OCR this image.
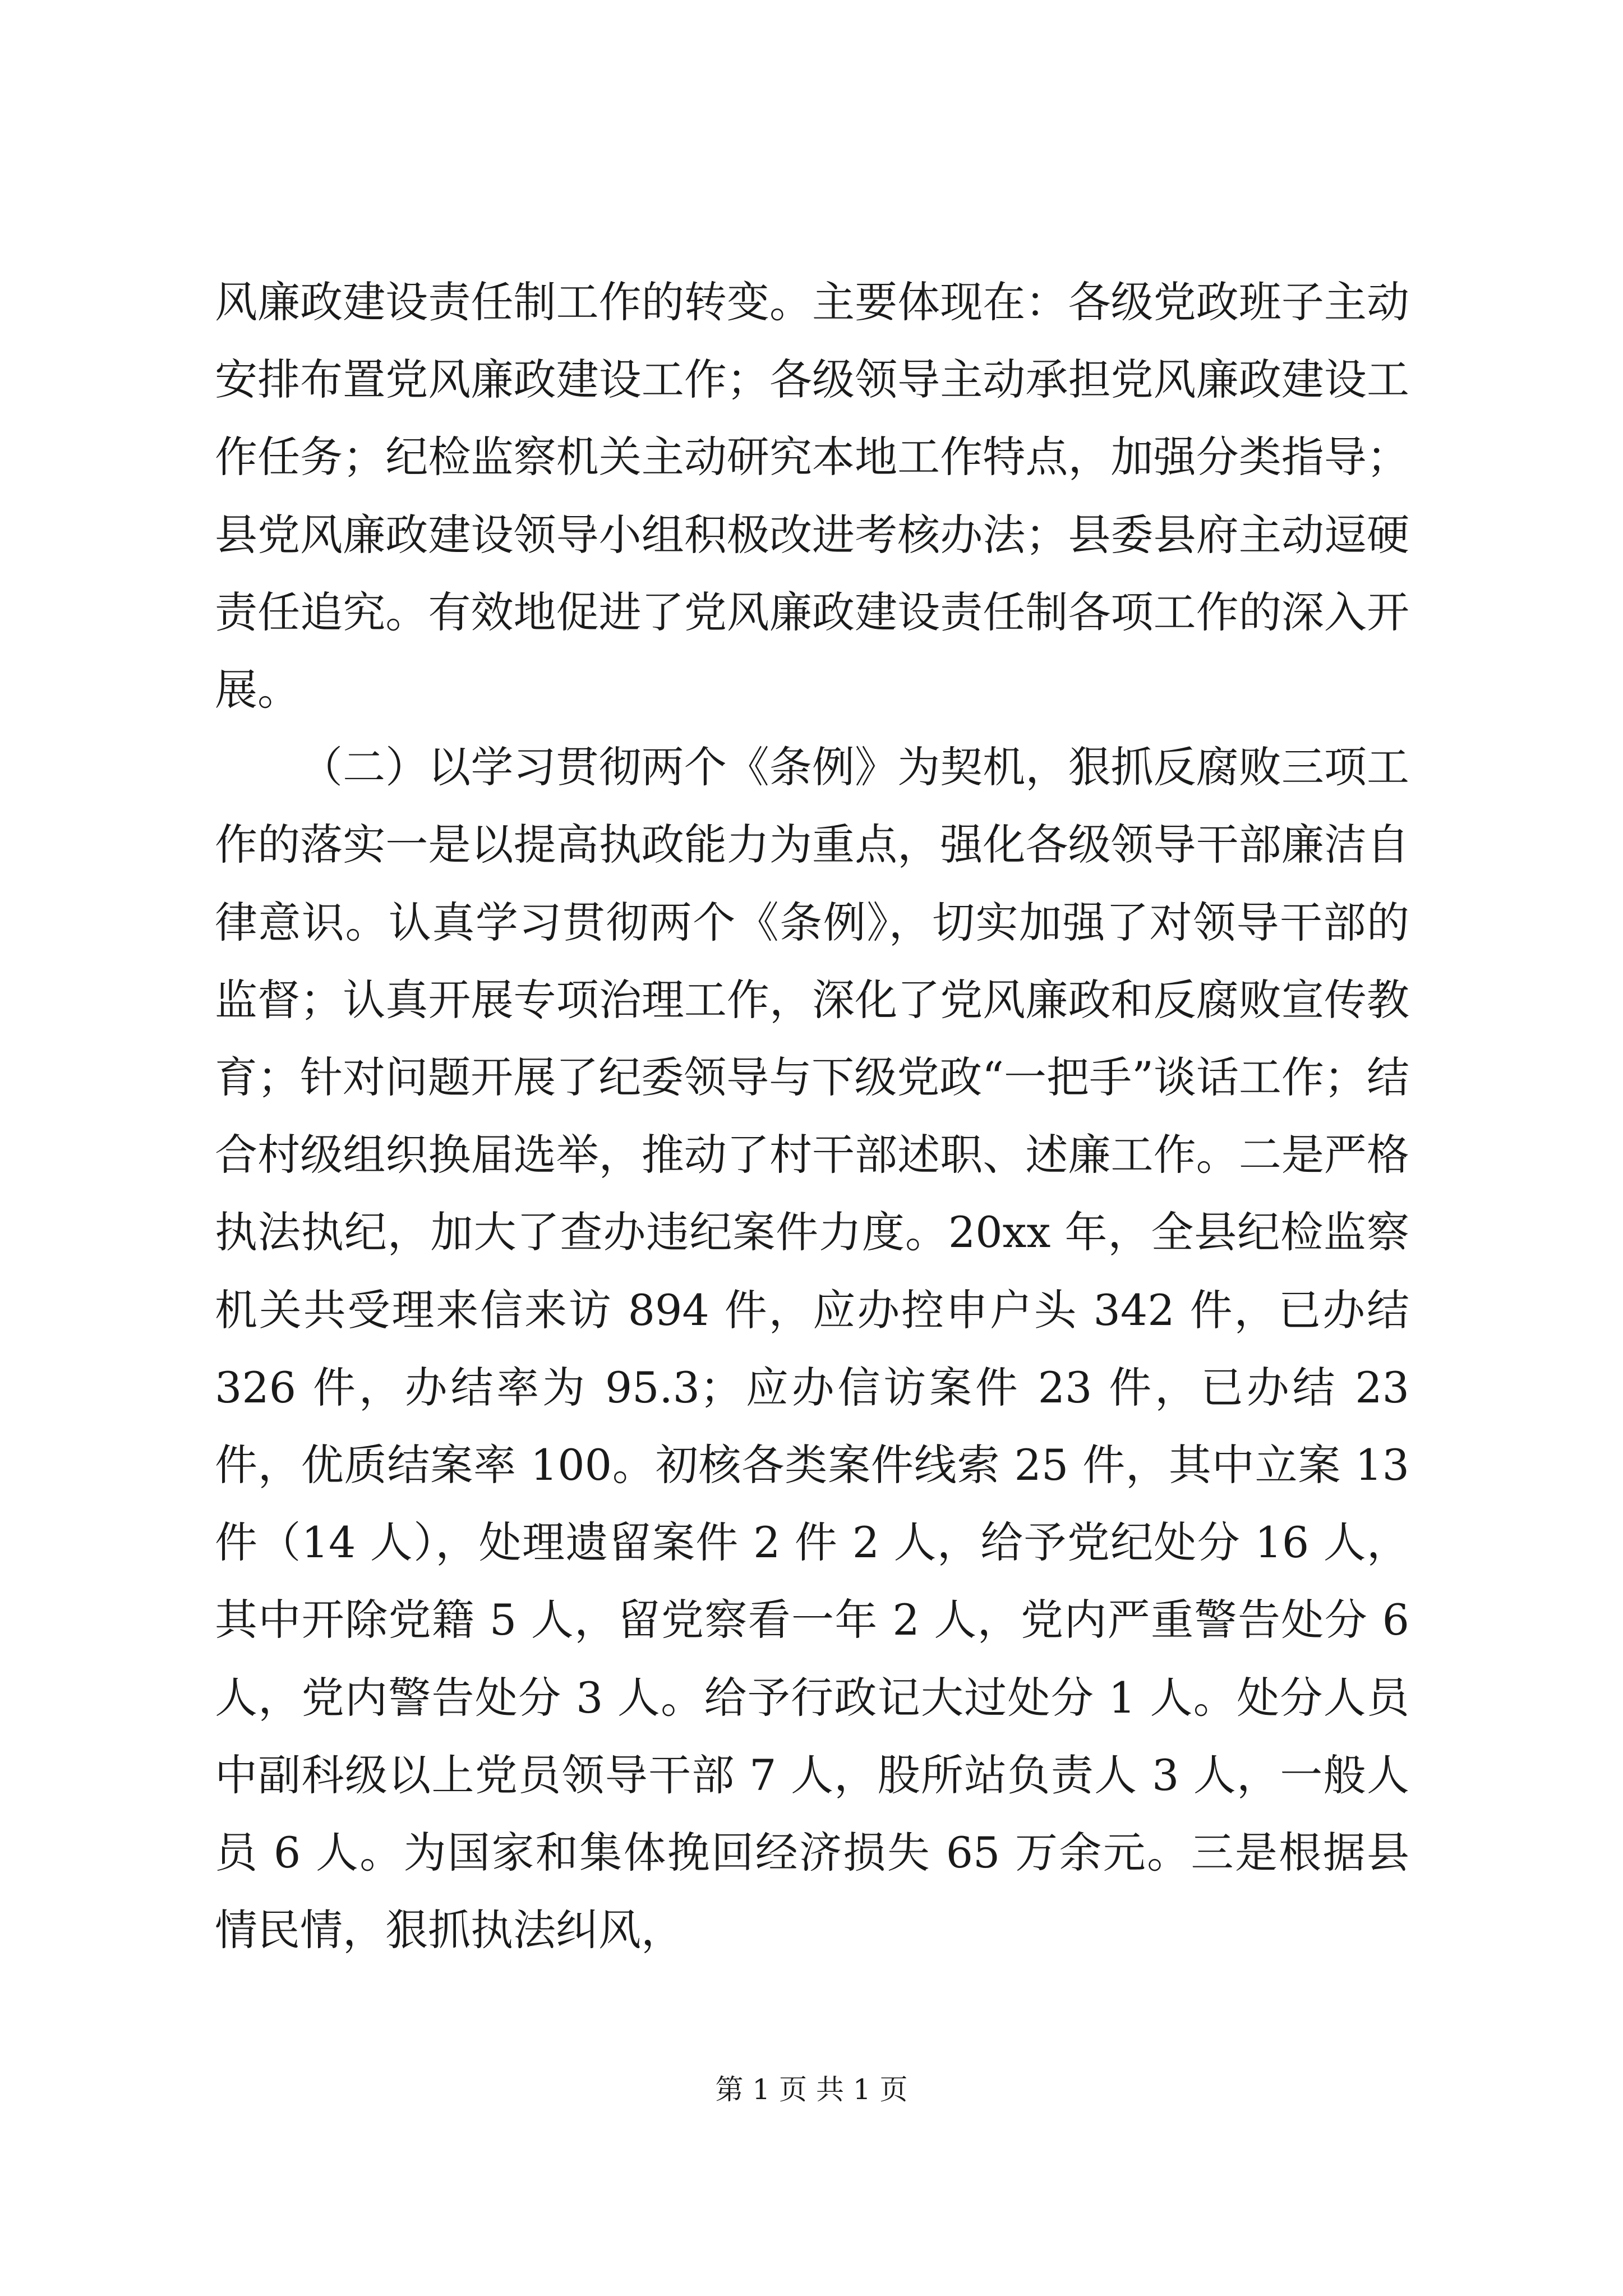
风廉政建设责任制工作的转变。主要体现在：各级党政班子主动安排布置党风廉政建设工作；各级领导主动承担党风廉政建设工作任务；纪检监察机关主动研究本地工作特点，加强分类指导；县党风廉政建设领导小组积极改进考核办法；县委县府主动逗硬责任追究。有效地促进了党风廉政建设责任制各项工作的深入开展。

（二）以学习贯彻两个《条例》为契机，狠抓反腐败三项工作的落实一是以提高执政能力为重点，强化各级领导干部廉洁自律意识。认真学习贯彻两个《条例》，切实加强了对领导干部的监督；认真开展专项治理工作，深化了党风廉政和反腐败宣传教育；针对问题开展了纪委领导与下级党政“一把手”谈话工作；结合村级组织换届选举，推动了村干部述职、述廉工作。二是严格执法执纪，加大了查办违纪案件力度。20xx 年，全县纪检监察机关共受理来信来访 894 件，应办控申户头 342 件，已办结 326 件，办结率为 95.3；应办信访案件 23 件，已办结 23 件，优质结案率 100。初核各类案件线索 25 件，其中立案 13 件（14 人），处理遗留案件 2 件 2 人，给予党纪处分 16 人，其中开除党籍 5 人，留党察看一年 2 人，党内严重警告处分 6 人，党内警告处分 3 人。给予行政记大过处分 1 人。处分人员中副科级以上党员领导干部 7 人，股所站负责人 3 人，一般人员 6 人。为国家和集体挽回经济损失 65 万余元。三是根据县情民情，狠抓执法纠风，

第 1 页 共 1 页
